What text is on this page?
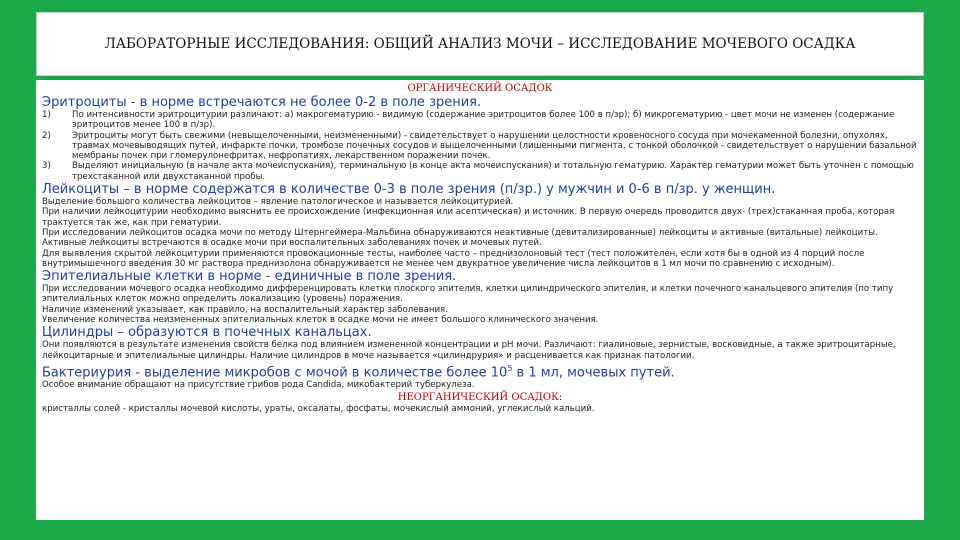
ЛАБОРАТОРНЫЕ ИССЛЕДОВАНИЯ: ОБЩИЙ АНАЛИЗ МОЧИ – ИССЛЕДОВАНИЕ МОЧЕВОГО ОСАДКА
ОРГАНИЧЕСКИЙ ОСАДОК
Эритроциты - в норме встречаются не более 0-2 в поле зрения.
1) По интенсивности эритроцитурии различают: а) макрогематурию - видимую (содержание эритроцитов более 100 в п/зр); б) микрогематурию - цвет мочи не изменен (содержание эритроцитов менее 100 в п/зр).
2) Эритроциты могут быть свежими (невыщелоченными, неизмененными) - свидетельствует о нарушении целостности кровеносного сосуда при мочекаменной болезни, опухолях, травмах мочевыводящих путей, инфаркте почки, тромбозе почечных сосудов и выщелоченными (лишенными пигмента, с тонкой оболочкой - свидетельствует о нарушении базальной мембраны почек при гломерулонефритах, нефропатиях, лекарственном поражении почек.
3) Выделяют инициальную (в начале акта мочеиспускания), терминальную (в конце акта мочеиспускания) и тотальную гематурию. Характер гематурии может быть уточнен с помощью трехстаканной или двухстаканной пробы.
Лейкоциты – в норме содержатся в количестве 0-3 в поле зрения (п/зр.) у мужчин и 0-6 в п/зр. у женщин.

Выделение большого количества лейкоцитов – явление патологическое и называется лейкоцитурией.

При наличии лейкоцитурии необходимо выяснить ее происхождение (инфекционная или асептическая) и источник. В первую очередь проводится двух- (трех)стаканная проба, которая трактуется так же, как при гематурии.

При исследовании лейкоцитов осадка мочи по методу Штернгеймера-Мальбина обнаруживаются неактивные (девитализированные) лейкоциты и активные (витальные) лейкоциты. Активные лейкоциты встречаются в осадке мочи при воспалительных заболеваниях почек и мочевых путей.

Для выявления скрытой лейкоцитурии применяются провокационные тесты, наиболее часто – преднизолоновый тест (тест положителен, если хотя бы в одной из 4 порций после внутримышечного введения 30 мг раствора преднизолона обнаруживается не менее чем двукратное увеличение числа лейкоцитов в 1 мл мочи по сравнению с исходным).

Эпителиальные клетки в норме - единичные в поле зрения.

При исследовании мочевого осадка необходимо дифференцировать клетки плоского эпителия, клетки цилиндрического эпителия, и клетки почечного канальцевого эпителия (по типу эпителиальных клеток можно определить локализацию (уровень) поражения.

Наличие изменений указывает, как правило, на воспалительный характер заболевания.

Увеличение количества неизмененных эпителиальных клеток в осадке мочи не имеет большого клинического значения.

Цилиндры – образуются в почечных канальцах.

Они появляются в результате изменения свойств белка под влиянием измененной концентрации и pH мочи. Различают: гиалиновые, зернистые, восковидные, а также эритроцитарные, лейкоцитарные и эпителиальные цилиндры. Наличие цилиндров в моче называется «цилиндрурия» и расценивается как признак патологии.

Бактериурия - выделение микробов с мочой в количестве более $10^5$ в 1 мл, мочевых путей.

Особое внимание обращают на присутствие грибов рода Candida, микобактерий туберкулеза.

НЕОРГАНИЧЕСКИЙ ОСАДОК:

кристаллы солей - кристаллы мочевой кислоты, ураты, оксалаты, фосфаты, мочекислый аммоний, углекислый кальций.
